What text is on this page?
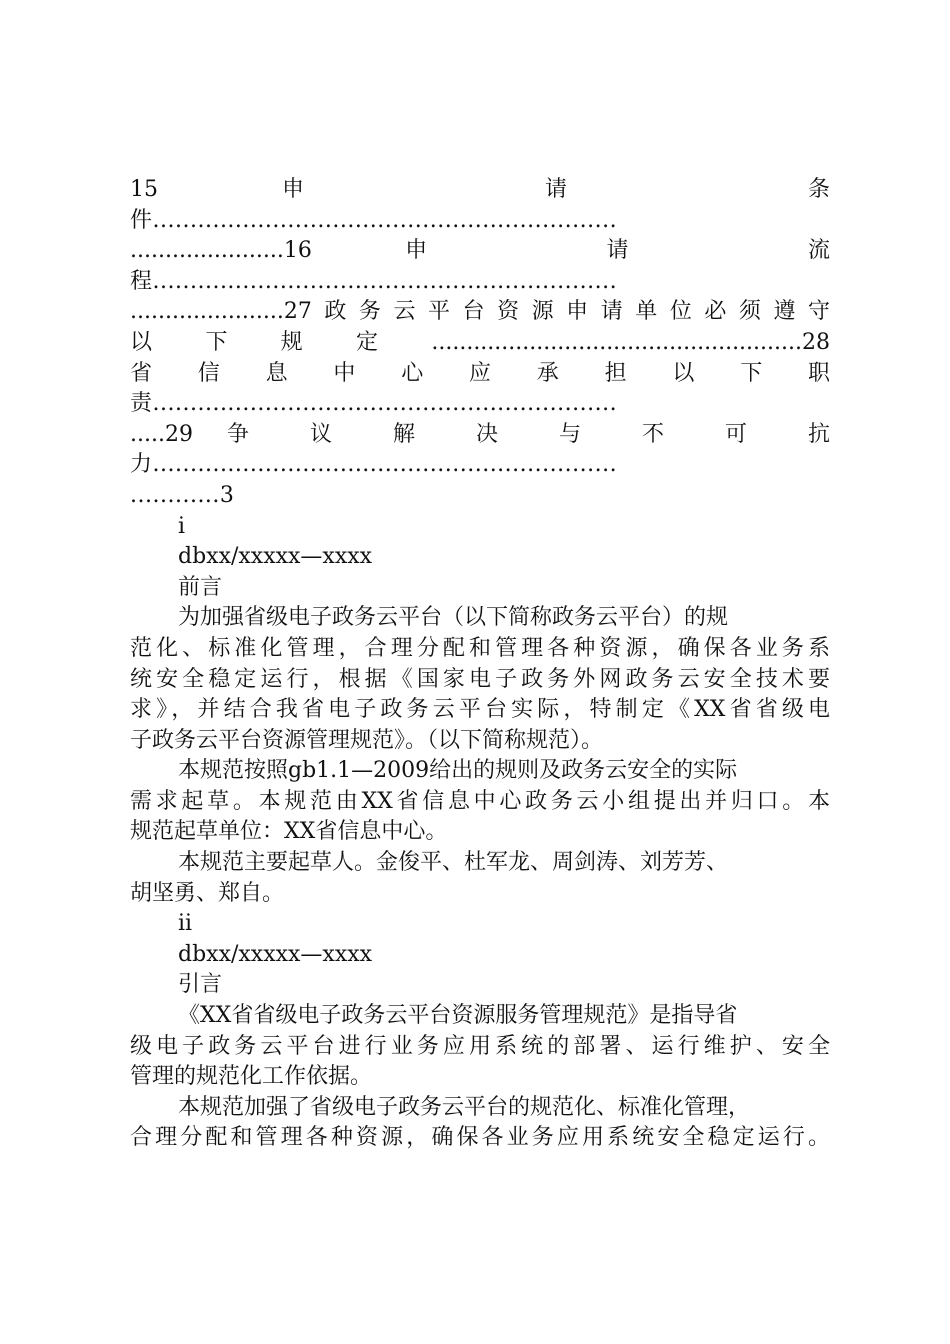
15 申 请 条
件..............................................................
......................16 申 请 流
程..............................................................
......................27政务云平台资源申请单位必须遵守
以下规定.....................................................28
省 信 息 中 心 应 承 担 以 下 职
责..............................................................
.....29 争 议 解 决 与 不 可 抗
力..............................................................
............3
i
dbxx/xxxxx—xxxx
前言
为加强省级电子政务云平台（以下简称政务云平台）的规
范化、标准化管理，合理分配和管理各种资源，确保各业务系
统安全稳定运行，根据《国家电子政务外网政务云安全技术要
求》，并结合我省电子政务云平台实际，特制定《XX省省级电
子政务云平台资源管理规范》。（以下简称规范）。
本规范按照gb1.1—2009给出的规则及政务云安全的实际
需求起草。本规范由XX省信息中心政务云小组提出并归口。本
规范起草单位：XX省信息中心。
本规范主要起草人。金俊平、杜军龙、周剑涛、刘芳芳、
胡坚勇、郑自。
ii
dbxx/xxxxx—xxxx
引言
《XX省省级电子政务云平台资源服务管理规范》是指导省
级电子政务云平台进行业务应用系统的部署、运行维护、安全
管理的规范化工作依据。
本规范加强了省级电子政务云平台的规范化、标准化管理，
合理分配和管理各种资源，确保各业务应用系统安全稳定运行。
